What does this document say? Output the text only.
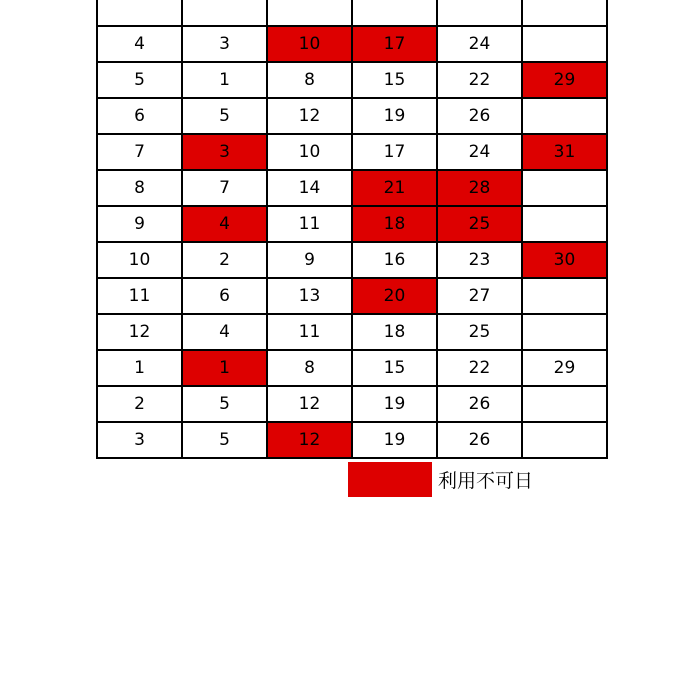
4	3	10	17	24	
5	1	8	15	22	29
6	5	12	19	26	
7	3	10	17	24	31
8	7	14	21	28	
9	4	11	18	25	
10	2	9	16	23	30
11	6	13	20	27	
12	4	11	18	25	
1	1	8	15	22	29
2	5	12	19	26	
3	5	12	19	26	
利用不可日
